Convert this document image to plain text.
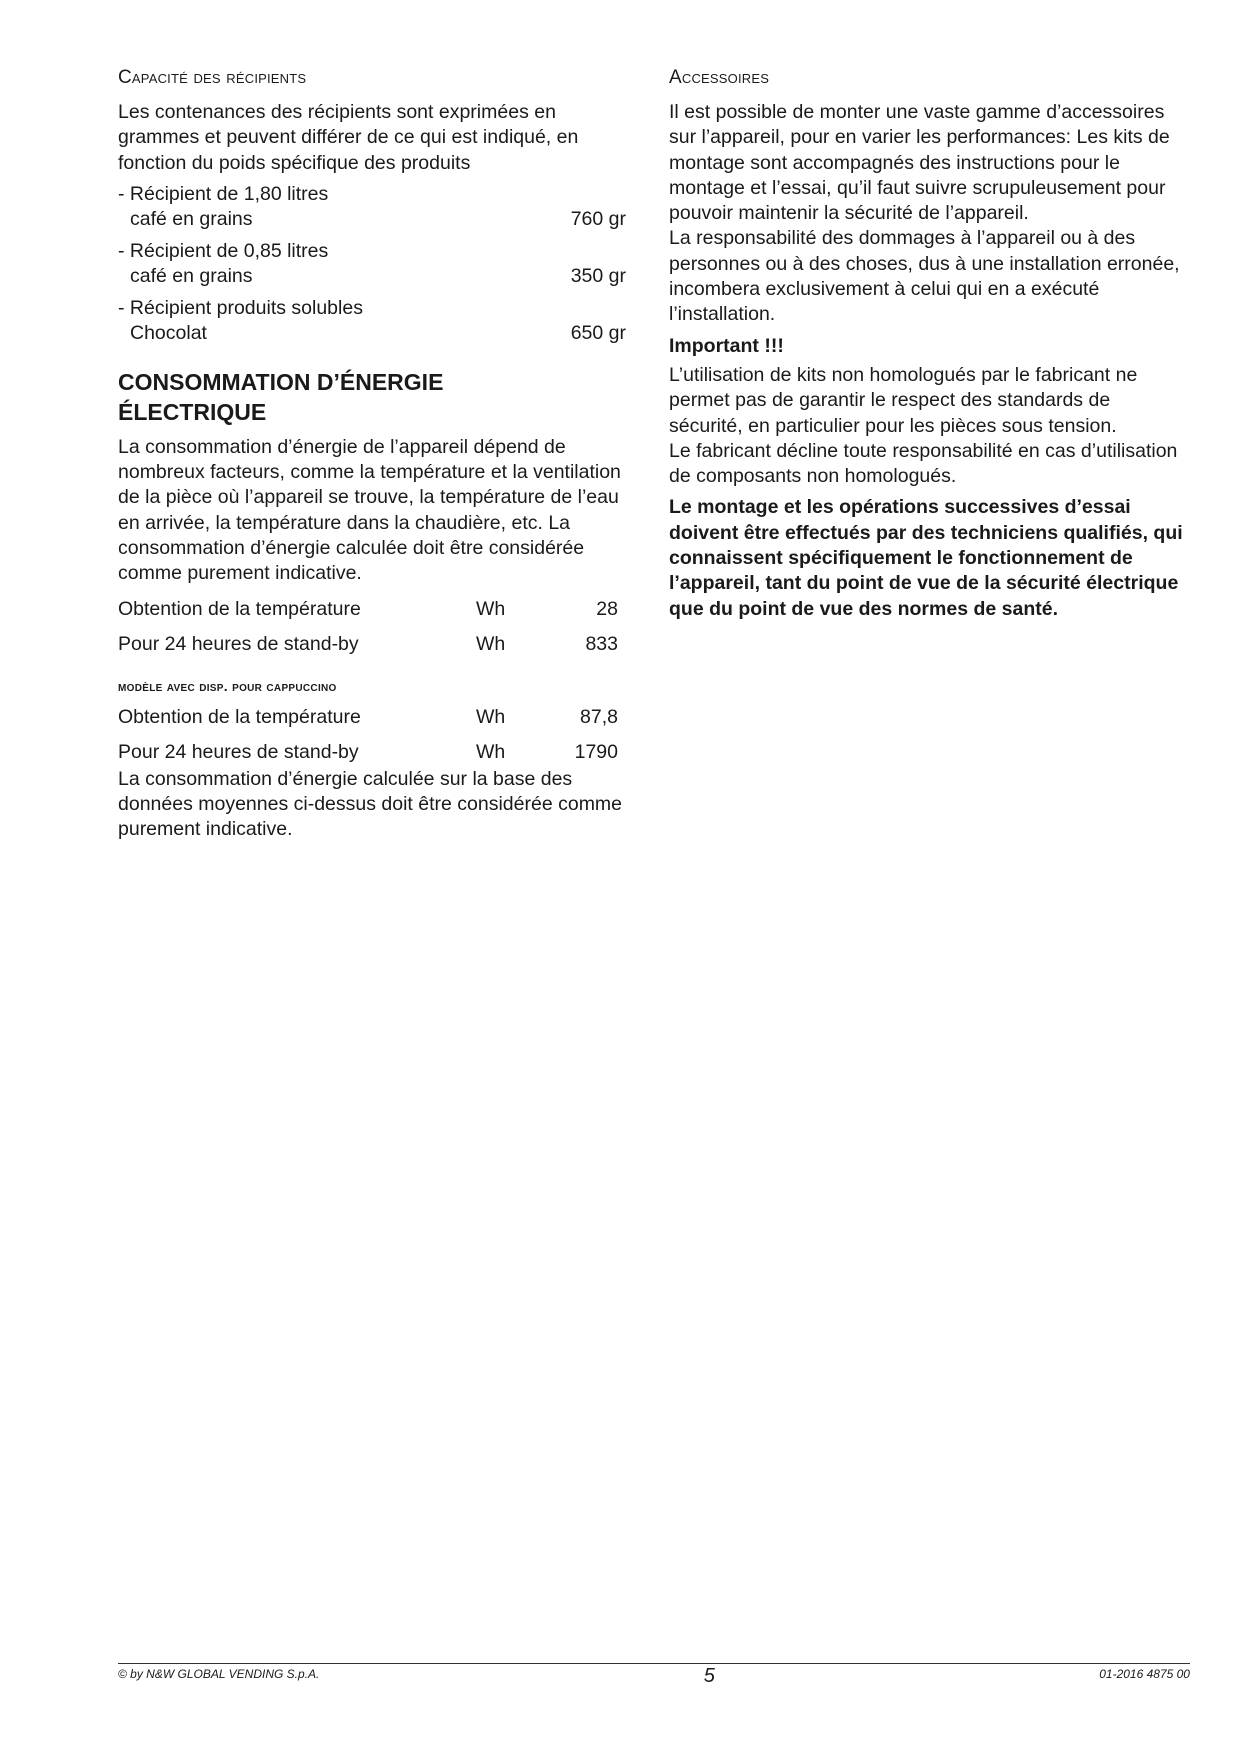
Capacité des récipients

Les contenances des récipients sont exprimées en grammes et peuvent différer de ce qui est indiqué, en fonction du poids spécifique des produits

- Récipient de 1,80 litres
café en grains	760 gr
- Récipient de 0,85 litres
café en grains	350 gr
- Récipient produits solubles
Chocolat	650 gr
CONSOMMATION D’ÉNERGIE
ÉLECTRIQUE

La consommation d’énergie de l’appareil dépend de nombreux facteurs, comme la température et la ventilation de la pièce où l’appareil se trouve, la température de l’eau en arrivée, la température dans la chaudière, etc. La consommation d’énergie calculée doit être considérée comme purement indicative.

Obtention de la température	Wh	28
Pour 24 heures de stand-by	Wh	833
modèle avec disp. pour cappuccino
Obtention de la température	Wh	87,8
Pour 24 heures de stand-by	Wh	1790

La consommation d’énergie calculée sur la base des données moyennes ci-dessus doit être considérée comme purement indicative.

Accessoires

Il est possible de monter une vaste gamme d’accessoires sur l’appareil, pour en varier les performances: Les kits de montage sont accompagnés des instructions pour le montage et l’essai, qu’il faut suivre scrupuleusement pour pouvoir maintenir la sécurité de l’appareil.

La responsabilité des dommages à l’appareil ou à des personnes ou à des choses, dus à une installation erronée, incombera exclusivement à celui qui en a exécuté l’installation.

Important !!!

L’utilisation de kits non homologués par le fabricant ne permet pas de garantir le respect des standards de sécurité, en particulier pour les pièces sous tension.

Le fabricant décline toute responsabilité en cas d’utilisation de composants non homologués.

Le montage et les opérations successives d’essai doivent être effectués par des techniciens qualifiés, qui connaissent spécifiquement le fonctionnement de l’appareil, tant du point de vue de la sécurité électrique que du point de vue des normes de santé.

© by N&W GLOBAL VENDING S.p.A.	5	01-2016 4875 00
